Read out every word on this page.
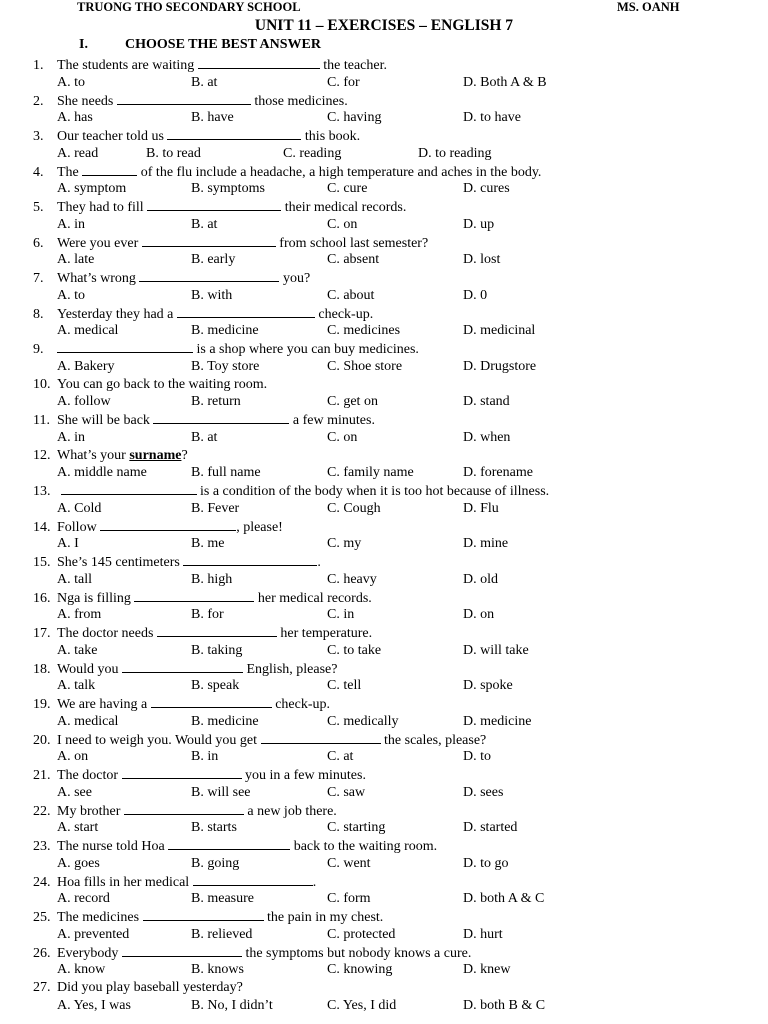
TRUONG THO SECONDARY SCHOOL	MS. OANH
UNIT 11 – EXERCISES – ENGLISH 7
I.	CHOOSE THE BEST ANSWER
1. The students are waiting	the teacher.
A. to	B. at	C. for	D. Both A & B
2. She needs	those medicines.
A. has	B. have	C. having	D. to have
3. Our teacher told us	this book.
A. read	B. to read	C. reading	D. to reading
4. The	of the flu include a headache, a high temperature and aches in the body.
A. symptom	B. symptoms	C. cure	D. cures
5. They had to fill	their medical records.
A. in	B. at	C. on	D. up
6. Were you ever	from school last semester?
A. late	B. early	C. absent	D. lost
7. What’s wrong	you?
A. to	B. with	C. about	D. 0
8. Yesterday they had a	check-up.
A. medical	B. medicine	C. medicines	D. medicinal
9.	is a shop where you can buy medicines.
A. Bakery	B. Toy store	C. Shoe store	D. Drugstore
10. You can go back to the waiting room.
A. follow	B. return	C. get on	D. stand
11. She will be back	a few minutes.
A. in	B. at	C. on	D. when
12. What’s your surname?
A. middle name	B. full name	C. family name	D. forename
13.	is a condition of the body when it is too hot because of illness.
A. Cold	B. Fever	C. Cough	D. Flu
14. Follow	, please!
A. I	B. me	C. my	D. mine
15. She’s 145 centimeters	.
A. tall	B. high	C. heavy	D. old
16. Nga is filling	her medical records.
A. from	B. for	C. in	D. on
17. The doctor needs	her temperature.
A. take	B. taking	C. to take	D. will take
18. Would you	English, please?
A. talk	B. speak	C. tell	D. spoke
19. We are having a	check-up.
A. medical	B. medicine	C. medically	D. medicine
20. I need to weigh you. Would you get	the scales, please?
A. on	B. in	C. at	D. to
21. The doctor	you in a few minutes.
A. see	B. will see	C. saw	D. sees
22. My brother	a new job there.
A. start	B. starts	C. starting	D. started
23. The nurse told Hoa	back to the waiting room.
A. goes	B. going	C. went	D. to go
24. Hoa fills in her medical	.
A. record	B. measure	C. form	D. both A & C
25. The medicines	the pain in my chest.
A. prevented	B. relieved	C. protected	D. hurt
26. Everybody	the symptoms but nobody knows a cure.
A. know	B. knows	C. knowing	D. knew
27. Did you play baseball yesterday?
A. Yes, I was	B. No, I didn’t	C. Yes, I did	D. both B & C
